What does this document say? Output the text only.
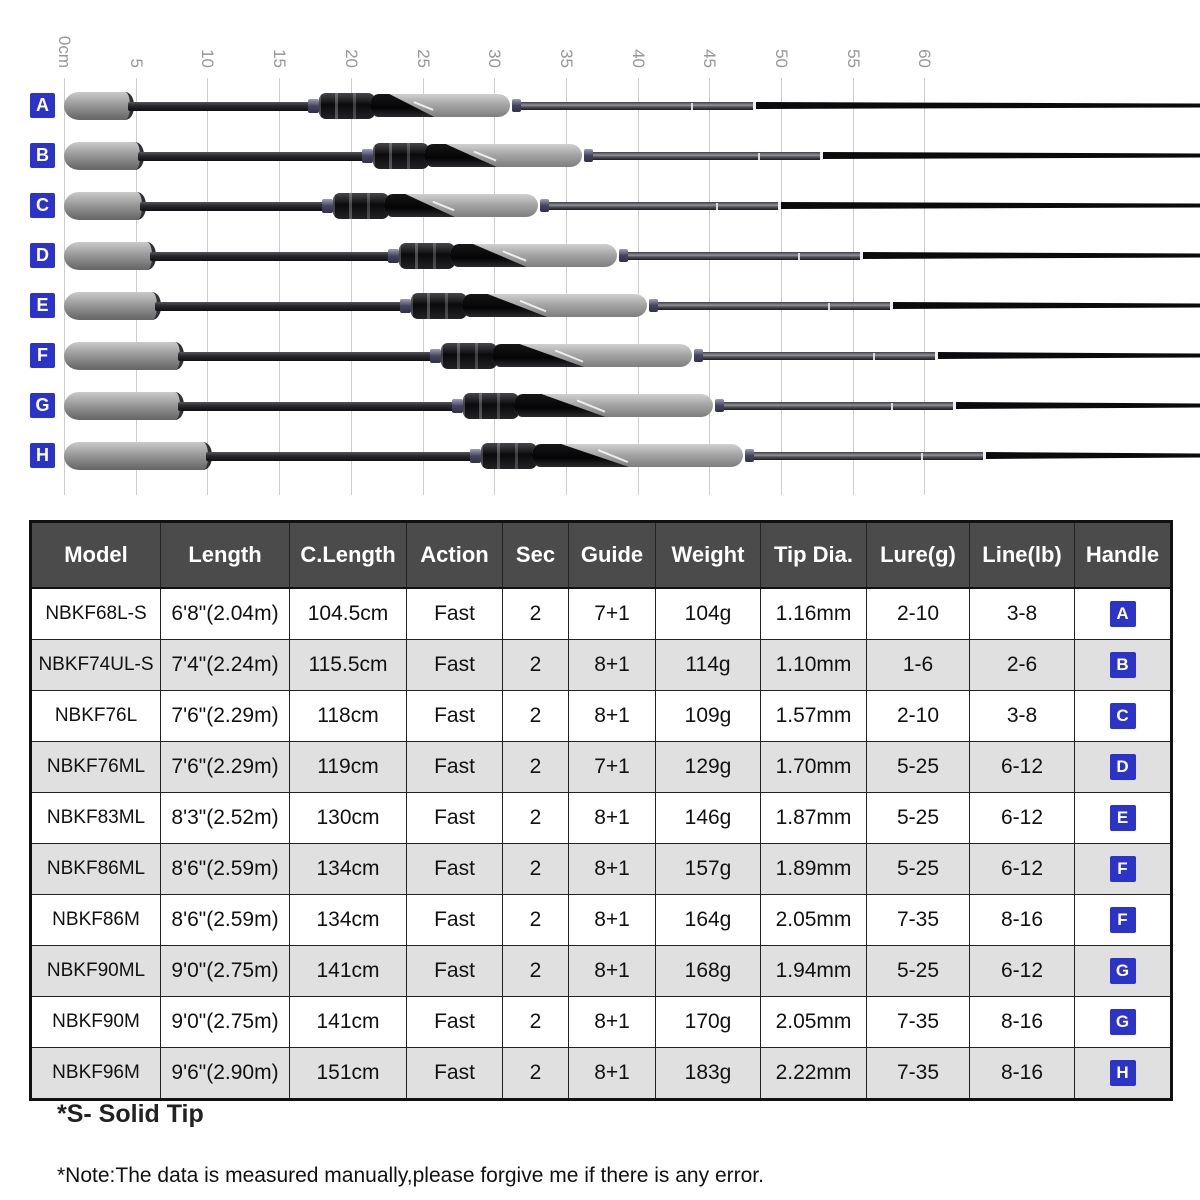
0cm	5	10	15	20	25	30	35	40	45	50	55	60
A
B
C
D
E
F
G
H
Model	Length	C.Length	Action	Sec	Guide	Weight	Tip Dia.	Lure(g)	Line(lb)	Handle
NBKF68L-S	6'8"(2.04m)	104.5cm	Fast	2	7+1	104g	1.16mm	2-10	3-8	A
NBKF74UL-S	7'4"(2.24m)	115.5cm	Fast	2	8+1	114g	1.10mm	1-6	2-6	B
NBKF76L	7'6"(2.29m)	118cm	Fast	2	8+1	109g	1.57mm	2-10	3-8	C
NBKF76ML	7'6"(2.29m)	119cm	Fast	2	7+1	129g	1.70mm	5-25	6-12	D
NBKF83ML	8'3"(2.52m)	130cm	Fast	2	8+1	146g	1.87mm	5-25	6-12	E
NBKF86ML	8'6"(2.59m)	134cm	Fast	2	8+1	157g	1.89mm	5-25	6-12	F
NBKF86M	8'6"(2.59m)	134cm	Fast	2	8+1	164g	2.05mm	7-35	8-16	F
NBKF90ML	9'0"(2.75m)	141cm	Fast	2	8+1	168g	1.94mm	5-25	6-12	G
NBKF90M	9'0"(2.75m)	141cm	Fast	2	8+1	170g	2.05mm	7-35	8-16	G
NBKF96M	9'6"(2.90m)	151cm	Fast	2	8+1	183g	2.22mm	7-35	8-16	H
*S- Solid Tip
*Note:The data is measured manually,please forgive me if there is any error.
